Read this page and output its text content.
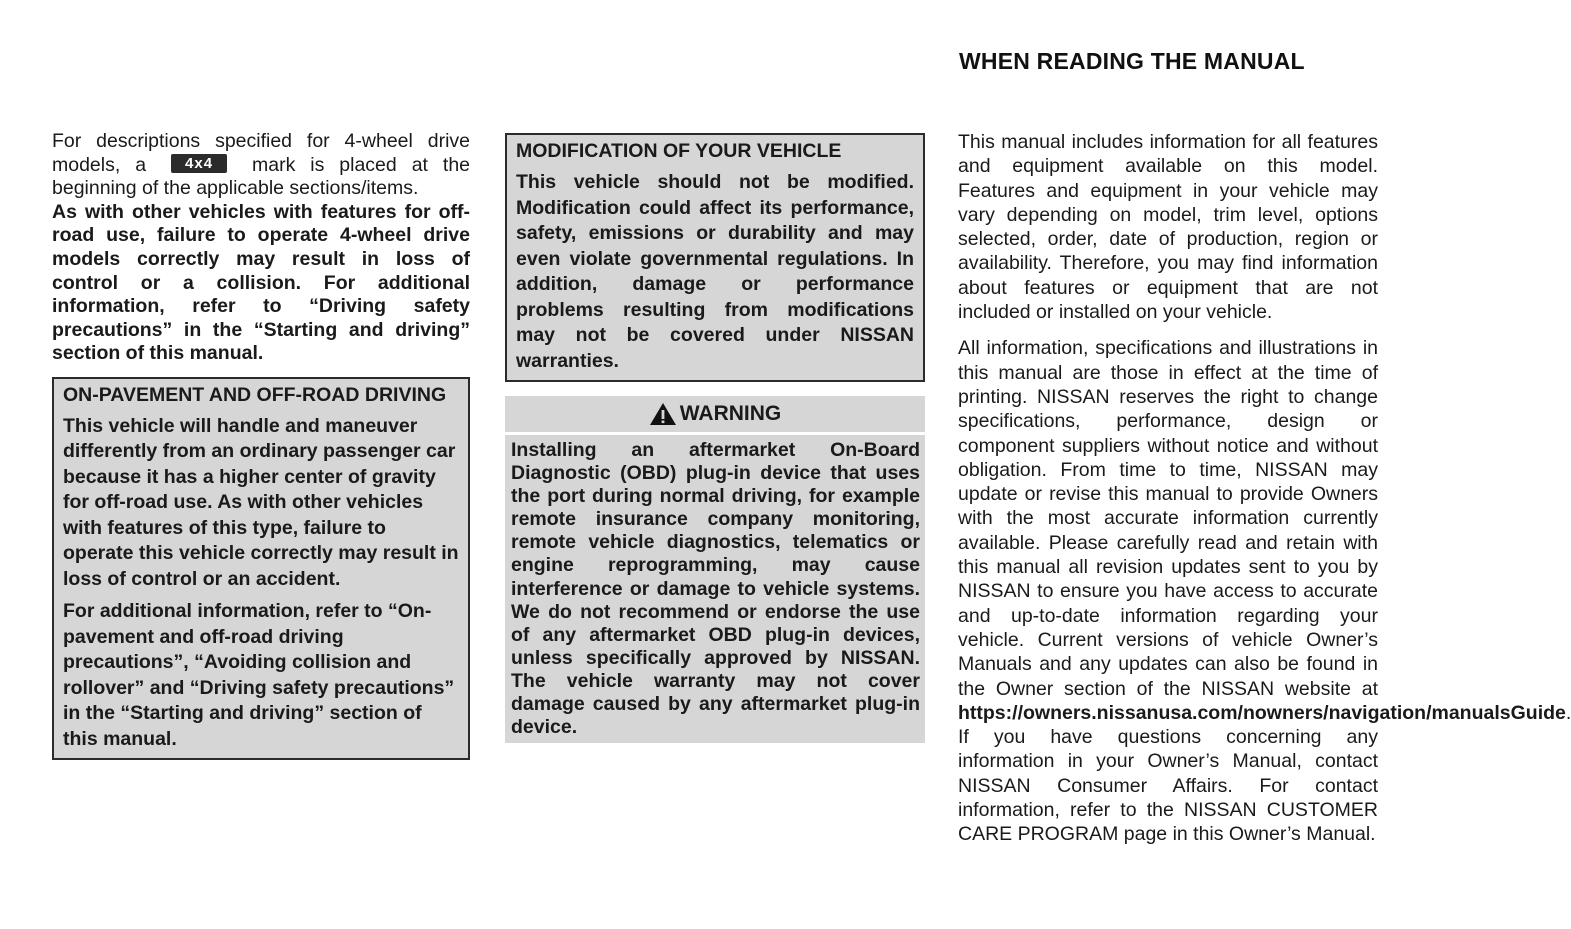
WHEN READING THE MANUAL

For descriptions specified for 4-wheel drive models, a	4x4 mark is placed at the beginning of the applicable sections/items.

As with other vehicles with features for off-road use, failure to operate 4-wheel drive models correctly may result in loss of control or a collision. For additional information, refer to “Driving safety precautions” in the “Starting and driving” section of this manual.

ON-PAVEMENT AND OFF-ROAD DRIVING

This vehicle will handle and maneuver differently from an ordinary passenger car because it has a higher center of gravity for off-road use. As with other vehicles with features of this type, failure to operate this vehicle correctly may result in loss of control or an accident.

For additional information, refer to “On-pavement and off-road driving precautions”, “Avoiding collision and rollover” and “Driving safety precautions” in the “Starting and driving” section of this manual.

MODIFICATION OF YOUR VEHICLE

This vehicle should not be modified. Modification could affect its performance, safety, emissions or durability and may even violate governmental regulations. In addition, damage or performance problems resulting from modifications may not be covered under NISSAN warranties.

WARNING

Installing an aftermarket On-Board Diagnostic (OBD) plug-in device that uses the port during normal driving, for example remote insurance company monitoring, remote vehicle diagnostics, telematics or engine reprogramming, may cause interference or damage to vehicle systems. We do not recommend or endorse the use of any aftermarket OBD plug-in devices, unless specifically approved by NISSAN. The vehicle warranty may not cover damage caused by any aftermarket plug-in device.

This manual includes information for all features and equipment available on this model. Features and equipment in your vehicle may vary depending on model, trim level, options selected, order, date of production, region or availability. Therefore, you may find information about features or equipment that are not included or installed on your vehicle.

All information, specifications and illustrations in this manual are those in effect at the time of printing. NISSAN reserves the right to change specifications, performance, design or component suppliers without notice and without obligation. From time to time, NISSAN may update or revise this manual to provide Owners with the most accurate information currently available. Please carefully read and retain with this manual all revision updates sent to you by NISSAN to ensure you have access to accurate and up-to-date information regarding your vehicle. Current versions of vehicle Owner’s Manuals and any updates can also be found in the Owner section of the NISSAN website at https://owners.nissanusa.com/nowners/navigation/manualsGuide. If you have questions concerning any information in your Owner’s Manual, contact NISSAN Consumer Affairs. For contact information, refer to the NISSAN CUSTOMER CARE PROGRAM page in this Owner’s Manual.
